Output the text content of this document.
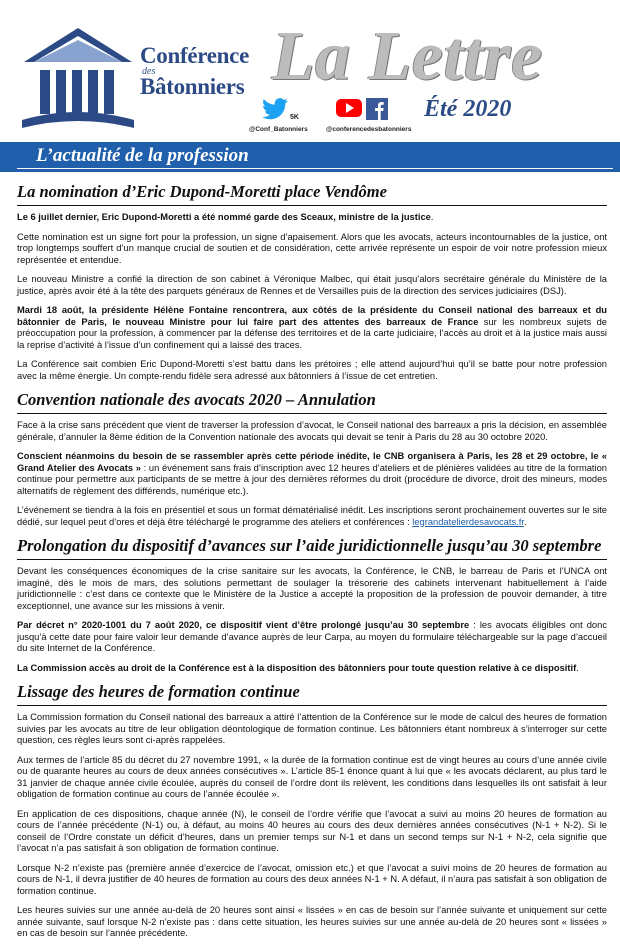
Conférence
des
Bâtonniers La Lettre
Été 2020
5K
@Conf_Batonniers	@conferencedesbatonniers
L’actualité de la profession
La nomination d’Eric Dupond-Moretti place Vendôme

Le 6 juillet dernier, Eric Dupond-Moretti a été nommé garde des Sceaux, ministre de la justice.

Cette nomination est un signe fort pour la profession, un signe d’apaisement. Alors que les avocats, acteurs incontournables de la justice, ont trop longtemps souffert d’un manque crucial de soutien et de considération, cette arrivée représente un espoir de voir notre profession mieux représentée et entendue.

Le nouveau Ministre a confié la direction de son cabinet à Véronique Malbec, qui était jusqu’alors secrétaire générale du Ministère de la justice, après avoir été à la tête des parquets généraux de Rennes et de Versailles puis de la direction des services judiciaires (DSJ).

Mardi 18 août, la présidente Hélène Fontaine rencontrera, aux côtés de la présidente du Conseil national des barreaux et du bâtonnier de Paris, le nouveau Ministre pour lui faire part des attentes des barreaux de France sur les nombreux sujets de préoccupation pour la profession, à commencer par la défense des territoires et de la carte judiciaire, l’accès au droit et à la justice mais aussi la reprise d’activité à l’issue d’un confinement qui a laissé des traces.

La Conférence sait combien Eric Dupond-Moretti s’est battu dans les prétoires ; elle attend aujourd’hui qu’il se batte pour notre profession avec la même énergie. Un compte-rendu fidèle sera adressé aux bâtonniers à l’issue de cet entretien.

Convention nationale des avocats 2020 – Annulation

Face à la crise sans précédent que vient de traverser la profession d’avocat, le Conseil national des barreaux a pris la décision, en assemblée générale, d’annuler la 8ème édition de la Convention nationale des avocats qui devait se tenir à Paris du 28 au 30 octobre 2020.

Conscient néanmoins du besoin de se rassembler après cette période inédite, le CNB organisera à Paris, les 28 et 29 octobre, le « Grand Atelier des Avocats » : un événement sans frais d’inscription avec 12 heures d’ateliers et de plénières validées au titre de la formation continue pour permettre aux participants de se mettre à jour des dernières réformes du droit (procédure de divorce, droit des mineurs, modes alternatifs de règlement des différends, numérique etc.).

L’événement se tiendra à la fois en présentiel et sous un format dématérialisé inédit. Les inscriptions seront prochainement ouvertes sur le site dédié, sur lequel peut d’ores et déjà être téléchargé le programme des ateliers et conférences : legrandatelierdesavocats.fr.

Prolongation du dispositif d’avances sur l’aide juridictionnelle jusqu’au 30 septembre

Devant les conséquences économiques de la crise sanitaire sur les avocats, la Conférence, le CNB, le barreau de Paris et l’UNCA ont imaginé, dès le mois de mars, des solutions permettant de soulager la trésorerie des cabinets intervenant habituellement à l’aide juridictionnelle : c’est dans ce contexte que le Ministère de la Justice a accepté la proposition de la profession de pouvoir demander, à titre exceptionnel, une avance sur les missions à venir.

Par décret n° 2020-1001 du 7 août 2020, ce dispositif vient d’être prolongé jusqu’au 30 septembre : les avocats éligibles ont donc jusqu’à cette date pour faire valoir leur demande d’avance auprès de leur Carpa, au moyen du formulaire téléchargeable sur la page d’accueil du site Internet de la Conférence.

La Commission accès au droit de la Conférence est à la disposition des bâtonniers pour toute question relative à ce dispositif.

Lissage des heures de formation continue

La Commission formation du Conseil national des barreaux a attiré l’attention de la Conférence sur le mode de calcul des heures de formation suivies par les avocats au titre de leur obligation déontologique de formation continue. Les bâtonniers étant nombreux à s’interroger sur cette question, ces règles leurs sont ci-après rappelées.

Aux termes de l’article 85 du décret du 27 novembre 1991, « la durée de la formation continue est de vingt heures au cours d’une année civile ou de quarante heures au cours de deux années consécutives ». L’article 85-1 énonce quant à lui que « les avocats déclarent, au plus tard le 31 janvier de chaque année civile écoulée, auprès du conseil de l’ordre dont ils relèvent, les conditions dans lesquelles ils ont satisfait à leur obligation de formation continue au cours de l’année écoulée ».

En application de ces dispositions, chaque année (N), le conseil de l’ordre vérifie que l’avocat a suivi au moins 20 heures de formation au cours de l’année précédente (N-1) ou, à défaut, au moins 40 heures au cours des deux dernières années consécutives (N-1 + N-2). Si le conseil de l’Ordre constate un déficit d’heures, dans un premier temps sur N-1 et dans un second temps sur N-1 + N-2, cela signifie que l’avocat n’a pas satisfait à son obligation de formation continue.

Lorsque N-2 n’existe pas (première année d’exercice de l’avocat, omission etc.) et que l’avocat a suivi moins de 20 heures de formation au cours de N-1, il devra justifier de 40 heures de formation au cours des deux années N-1 + N. A défaut, il n’aura pas satisfait à son obligation de formation continue.

Les heures suivies sur une année au-delà de 20 heures sont ainsi « lissées » en cas de besoin sur l’année suivante et uniquement sur cette année suivante, sauf lorsque N-2 n’existe pas : dans cette situation, les heures suivies sur une année au-delà de 20 heures sont « lissées » en cas de besoin sur l’année précédente.
